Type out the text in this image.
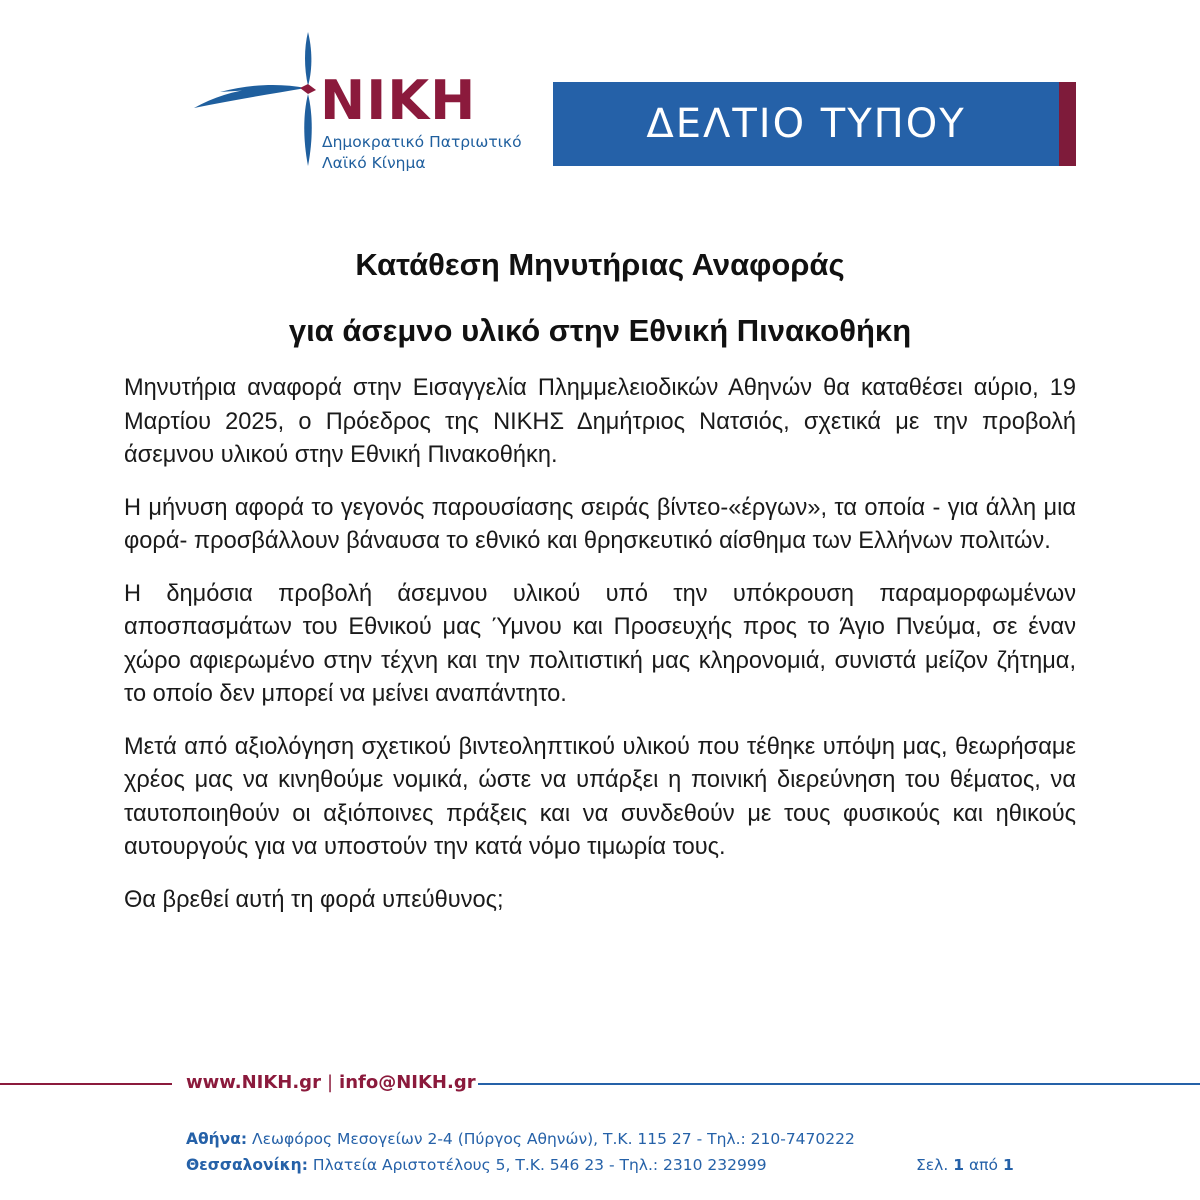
NIKH
Δημοκρατικό Πατριωτικό
Λαϊκό Κίνημα
ΔΕΛΤΙΟ ΤΥΠΟΥ
Κατάθεση Μηνυτήριας Αναφοράς
για άσεμνο υλικό στην Εθνική Πινακοθήκη

Μηνυτήρια αναφορά στην Εισαγγελία Πλημμελειοδικών Αθηνών θα καταθέσει αύριο, 19 Μαρτίου 2025, ο Πρόεδρος της ΝΙΚΗΣ Δημήτριος Νατσιός, σχετικά με την προβολή άσεμνου υλικού στην Εθνική Πινακοθήκη.

Η μήνυση αφορά το γεγονός παρουσίασης σειράς βίντεο-«έργων», τα οποία - για άλλη μια φορά- προσβάλλουν βάναυσα το εθνικό και θρησκευτικό αίσθημα των Ελλήνων πολιτών.

Η δημόσια προβολή άσεμνου υλικού υπό την υπόκρουση παραμορφωμένων αποσπασμάτων του Εθνικού μας Ύμνου και Προσευχής προς το Άγιο Πνεύμα, σε έναν χώρο αφιερωμένο στην τέχνη και την πολιτιστική μας κληρονομιά, συνιστά μείζον ζήτημα, το οποίο δεν μπορεί να μείνει αναπάντητο.

Μετά από αξιολόγηση σχετικού βιντεοληπτικού υλικού που τέθηκε υπόψη μας, θεωρήσαμε χρέος μας να κινηθούμε νομικά, ώστε να υπάρξει η ποινική διερεύνηση του θέματος, να ταυτοποιηθούν οι αξιόποινες πράξεις και να συνδεθούν με τους φυσικούς και ηθικούς αυτουργούς για να υποστούν την κατά νόμο τιμωρία τους.

Θα βρεθεί αυτή τη φορά υπεύθυνος;

www.NIKH.gr | info@NIKH.gr
Αθήνα: Λεωφόρος Μεσογείων 2-4 (Πύργος Αθηνών), Τ.Κ. 115 27 - Τηλ.: 210-7470222
Θεσσαλονίκη: Πλατεία Αριστοτέλους 5, Τ.Κ. 546 23 - Τηλ.: 2310 232999	Σελ. 1 από 1
